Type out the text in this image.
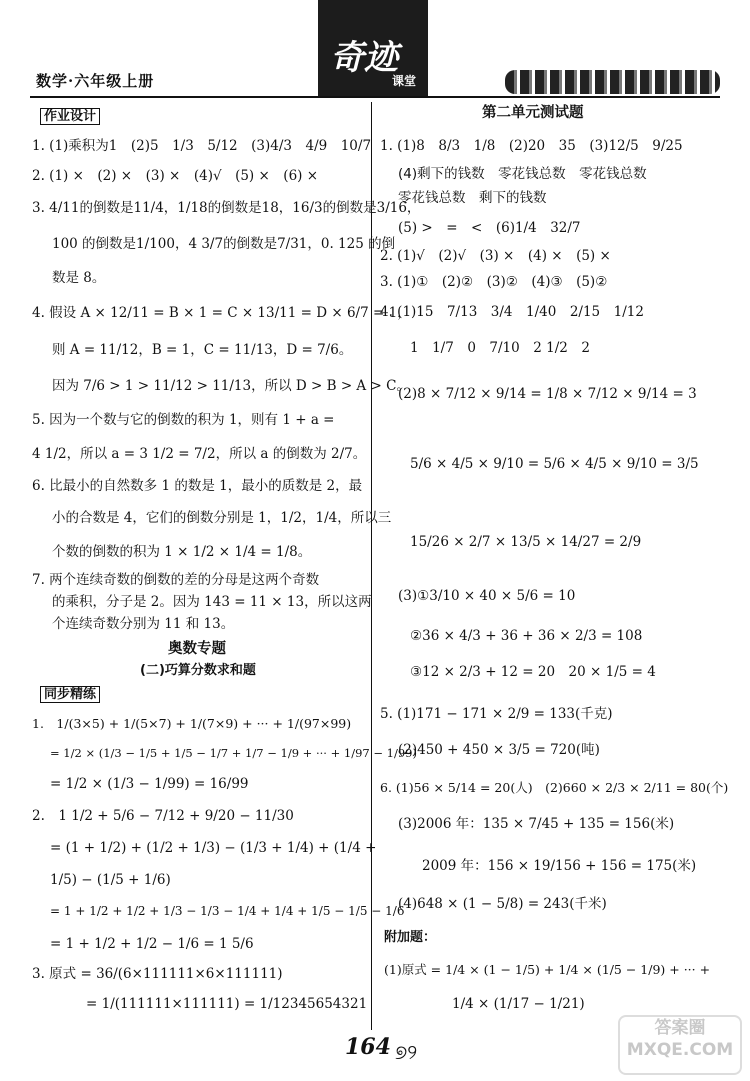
奇迹
课堂
数学·六年级上册
作业设计
1. (1)乘积为1　(2)5　1/3　5/12　(3)4/3　4/9　10/7
2. (1) ×　(2) ×　(3) ×　(4)√　(5) ×　(6) ×
3. 4/11的倒数是11/4，1/18的倒数是18，16/3的倒数是3/16，
100 的倒数是1/100，4 3/7的倒数是7/31，0. 125 的倒
数是 8。
4. 假设 A × 12/11 = B × 1 = C × 13/11 = D × 6/7 = 1，
则 A = 11/12，B = 1，C = 11/13，D = 7/6。
因为 7/6 > 1 > 11/12 > 11/13，所以 D > B > A > C。
5. 因为一个数与它的倒数的积为 1，则有 1 + a =
4 1/2，所以 a = 3 1/2 = 7/2，所以 a 的倒数为 2/7。
6. 比最小的自然数多 1 的数是 1，最小的质数是 2，最
小的合数是 4，它们的倒数分别是 1，1/2，1/4，所以三
个数的倒数的积为 1 × 1/2 × 1/4 = 1/8。
7. 两个连续奇数的倒数的差的分母是这两个奇数
的乘积，分子是 2。因为 143 = 11 × 13，所以这两
个连续奇数分别为 11 和 13。
奥数专题
(二)巧算分数求和题
同步精练
1.　1/(3×5) + 1/(5×7) + 1/(7×9) + ··· + 1/(97×99)
= 1/2 × (1/3 − 1/5 + 1/5 − 1/7 + 1/7 − 1/9 + ··· + 1/97 − 1/99)
= 1/2 × (1/3 − 1/99) = 16/99
2.　1 1/2 + 5/6 − 7/12 + 9/20 − 11/30
= (1 + 1/2) + (1/2 + 1/3) − (1/3 + 1/4) + (1/4 +
1/5) − (1/5 + 1/6)
= 1 + 1/2 + 1/2 + 1/3 − 1/3 − 1/4 + 1/4 + 1/5 − 1/5 − 1/6
= 1 + 1/2 + 1/2 − 1/6 = 1 5/6
3. 原式 = 36/(6×111111×6×111111)
= 1/(111111×111111) = 1/12345654321
第二单元测试题
1. (1)8　8/3　1/8　(2)20　35　(3)12/5　9/25
(4)剩下的钱数　零花钱总数　零花钱总数
零花钱总数　剩下的钱数
(5) >　=　<　(6)1/4　32/7
2. (1)√　(2)√　(3) ×　(4) ×　(5) ×
3. (1)①　(2)②　(3)②　(4)③　(5)②
4. (1)15　7/13　3/4　1/40　2/15　1/12
1　1/7　0　7/10　2 1/2　2
(2)8 × 7/12 × 9/14 = 1/8 × 7/12 × 9/14 = 3
5/6 × 4/5 × 9/10 = 5/6 × 4/5 × 9/10 = 3/5
15/26 × 2/7 × 13/5 × 14/27 = 2/9
(3)①3/10 × 40 × 5/6 = 10
②36 × 4/3 + 36 + 36 × 2/3 = 108
③12 × 2/3 + 12 = 20　20 × 1/5 = 4
5. (1)171 − 171 × 2/9 = 133(千克)
(2)450 + 450 × 3/5 = 720(吨)
6. (1)56 × 5/14 = 20(人)　(2)660 × 2/3 × 2/11 = 80(个)
(3)2006 年：135 × 7/45 + 135 = 156(米)
2009 年：156 × 19/156 + 156 = 175(米)
(4)648 × (1 − 5/8) = 243(千米)
附加题：
(1)原式 = 1/4 × (1 − 1/5) + 1/4 × (1/5 − 1/9) + ··· +
1/4 × (1/17 − 1/21)
164 ୭୨
答案圈 MXQE.COM
